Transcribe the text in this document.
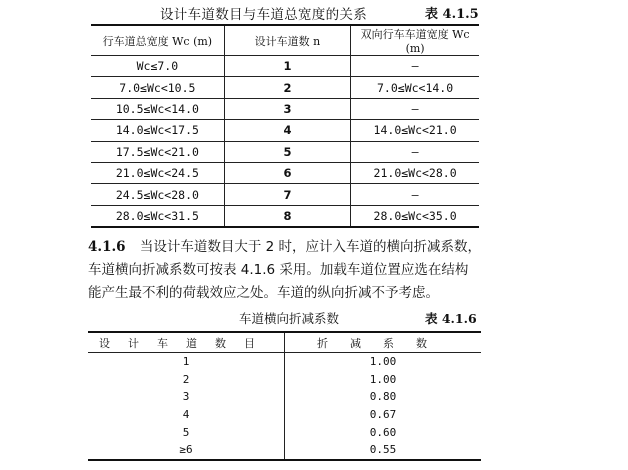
设计车道数目与车道总宽度的关系	表 4.1.5
行车道总宽度 Wc (m)	设计车道数 n	双向行车车道宽度 Wc (m)
Wc≤7.0	1	—
7.0≤Wc<10.5	2	7.0≤Wc<14.0
10.5≤Wc<14.0	3	—
14.0≤Wc<17.5	4	14.0≤Wc<21.0
17.5≤Wc<21.0	5	—
21.0≤Wc<24.5	6	21.0≤Wc<28.0
24.5≤Wc<28.0	7	—
28.0≤Wc<31.5	8	28.0≤Wc<35.0
4.1.6 当设计车道数目大于 2 时，应计入车道的横向折减系数，
车道横向折减系数可按表 4.1.6 采用。加载车道位置应选在结构
能产生最不利的荷载效应之处。车道的纵向折减不予考虑。
车道横向折减系数	表 4.1.6
设计车道数目	折减系数
1	1.00
2	1.00
3	0.80
4	0.67
5	0.60
≥6	0.55
